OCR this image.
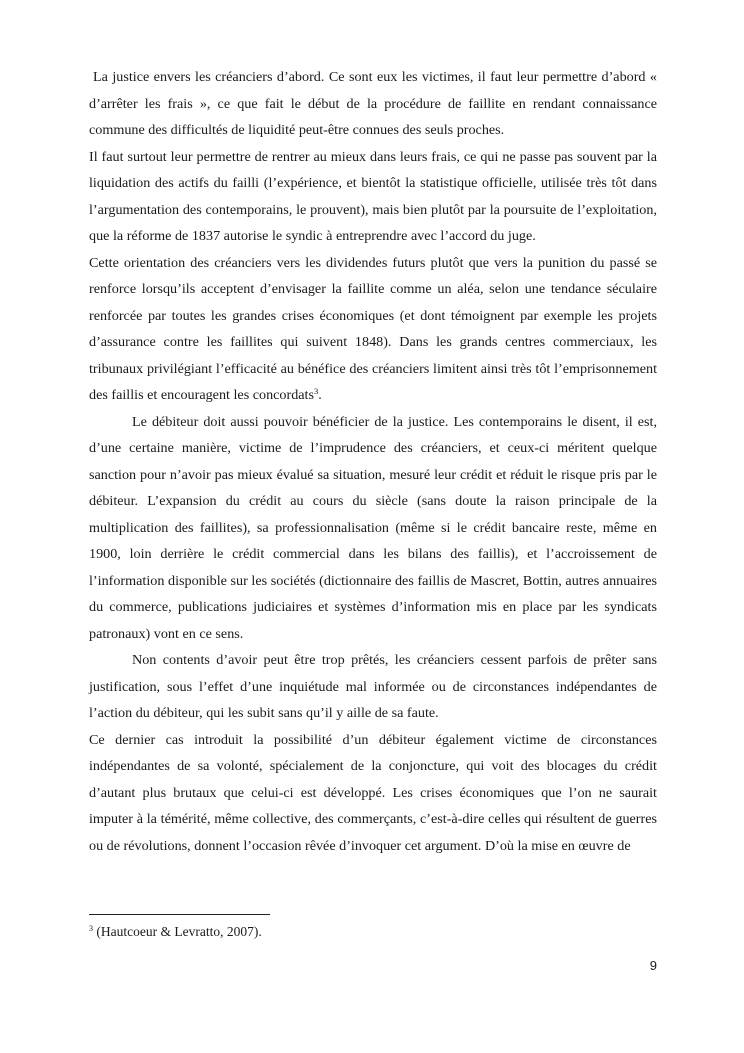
La justice envers les créanciers d’abord. Ce sont eux les victimes, il faut leur permettre d’abord « d’arrêter les frais », ce que fait le début de la procédure de faillite en rendant connaissance commune des difficultés de liquidité peut-être connues des seuls proches.

Il faut surtout leur permettre de rentrer au mieux dans leurs frais, ce qui ne passe pas souvent par la liquidation des actifs du failli (l’expérience, et bientôt la statistique officielle, utilisée très tôt dans l’argumentation des contemporains, le prouvent), mais bien plutôt par la poursuite de l’exploitation, que la réforme de 1837 autorise le syndic à entreprendre avec l’accord du juge.

Cette orientation des créanciers vers les dividendes futurs plutôt que vers la punition du passé se renforce lorsqu’ils acceptent d’envisager la faillite comme un aléa, selon une tendance séculaire renforcée par toutes les grandes crises économiques (et dont témoignent par exemple les projets d’assurance contre les faillites qui suivent 1848). Dans les grands centres commerciaux, les tribunaux privilégiant l’efficacité au bénéfice des créanciers limitent ainsi très tôt l’emprisonnement des faillis et encouragent les concordats$^3$.

Le débiteur doit aussi pouvoir bénéficier de la justice. Les contemporains le disent, il est, d’une certaine manière, victime de l’imprudence des créanciers, et ceux-ci méritent quelque sanction pour n’avoir pas mieux évalué sa situation, mesuré leur crédit et réduit le risque pris par le débiteur. L’expansion du crédit au cours du siècle (sans doute la raison principale de la multiplication des faillites), sa professionnalisation (même si le crédit bancaire reste, même en 1900, loin derrière le crédit commercial dans les bilans des faillis), et l’accroissement de l’information disponible sur les sociétés (dictionnaire des faillis de Mascret, Bottin, autres annuaires du commerce, publications judiciaires et systèmes d’information mis en place par les syndicats patronaux) vont en ce sens.

Non contents d’avoir peut être trop prêtés, les créanciers cessent parfois de prêter sans justification, sous l’effet d’une inquiétude mal informée ou de circonstances indépendantes de l’action du débiteur, qui les subit sans qu’il y aille de sa faute.

Ce dernier cas introduit la possibilité d’un débiteur également victime de circonstances indépendantes de sa volonté, spécialement de la conjoncture, qui voit des blocages du crédit d’autant plus brutaux que celui-ci est développé. Les crises économiques que l’on ne saurait imputer à la témérité, même collective, des commerçants, c’est-à-dire celles qui résultent de guerres ou de révolutions, donnent l’occasion rêvée d’invoquer cet argument. D’où la mise en œuvre de

$^3$ (Hautcoeur & Levratto, 2007).
9
